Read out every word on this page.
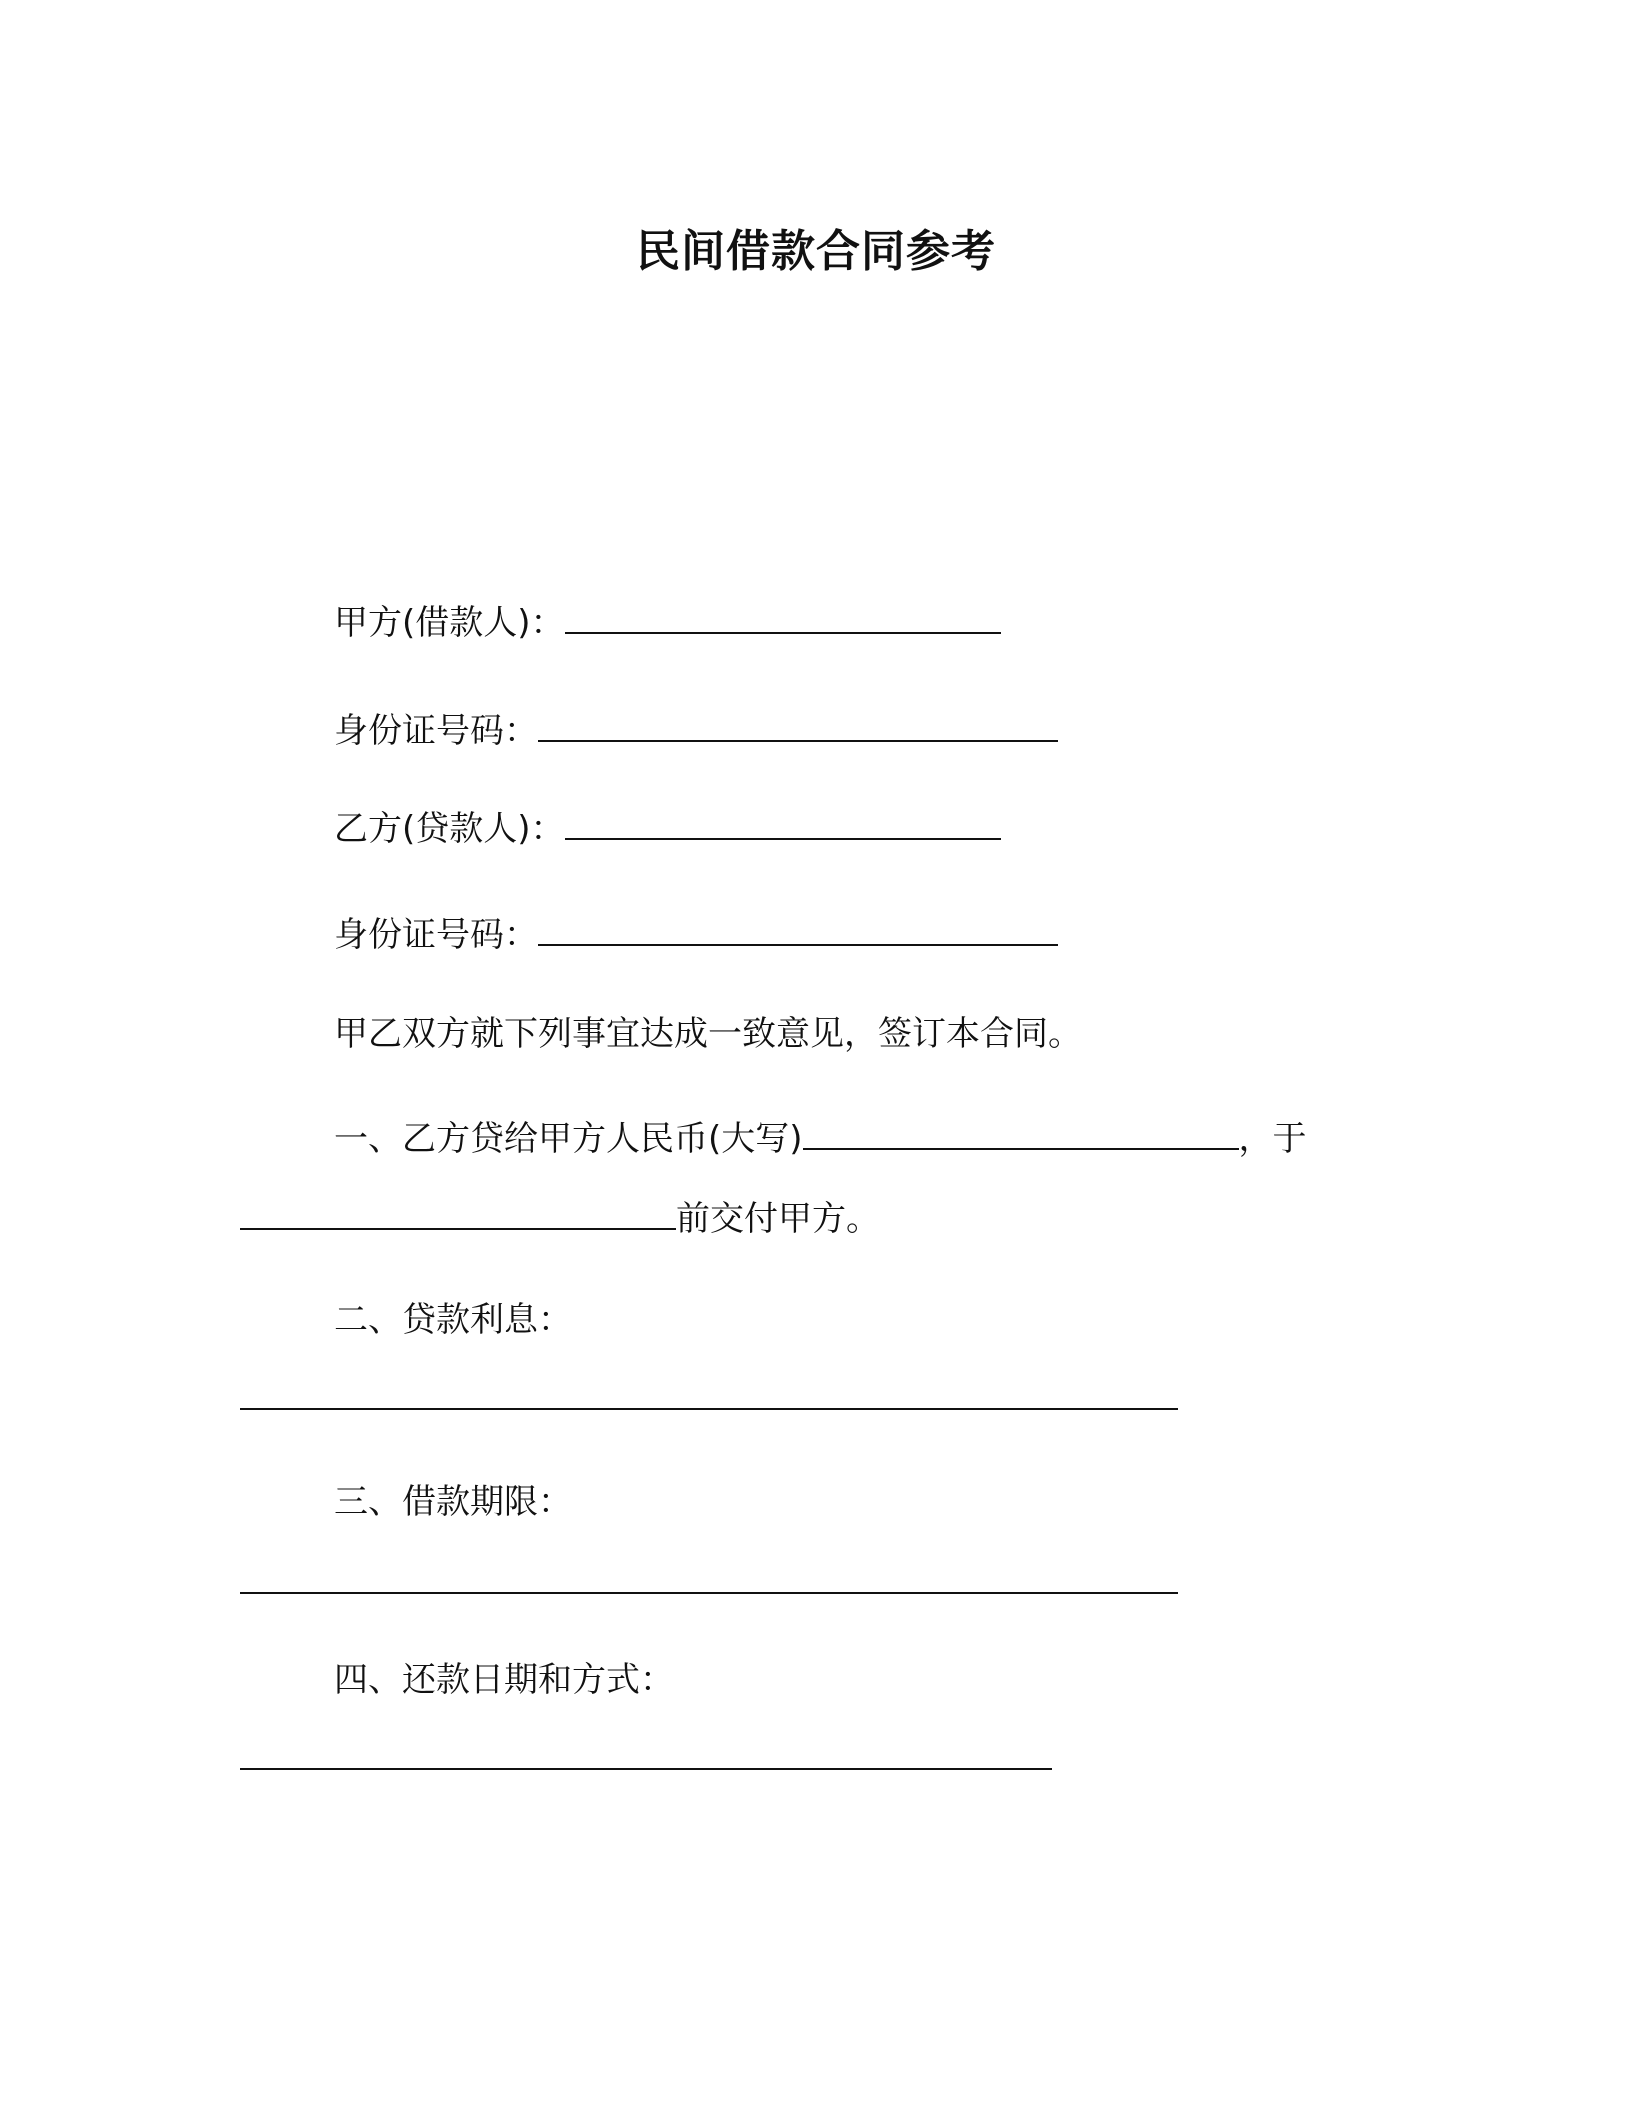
民间借款合同参考
甲方(借款人)：
身份证号码：
乙方(贷款人)：
身份证号码：
甲乙双方就下列事宜达成一致意见，签订本合同。
一、乙方贷给甲方人民币(大写)	，于
前交付甲方。
二、贷款利息：
三、借款期限：
四、还款日期和方式：
